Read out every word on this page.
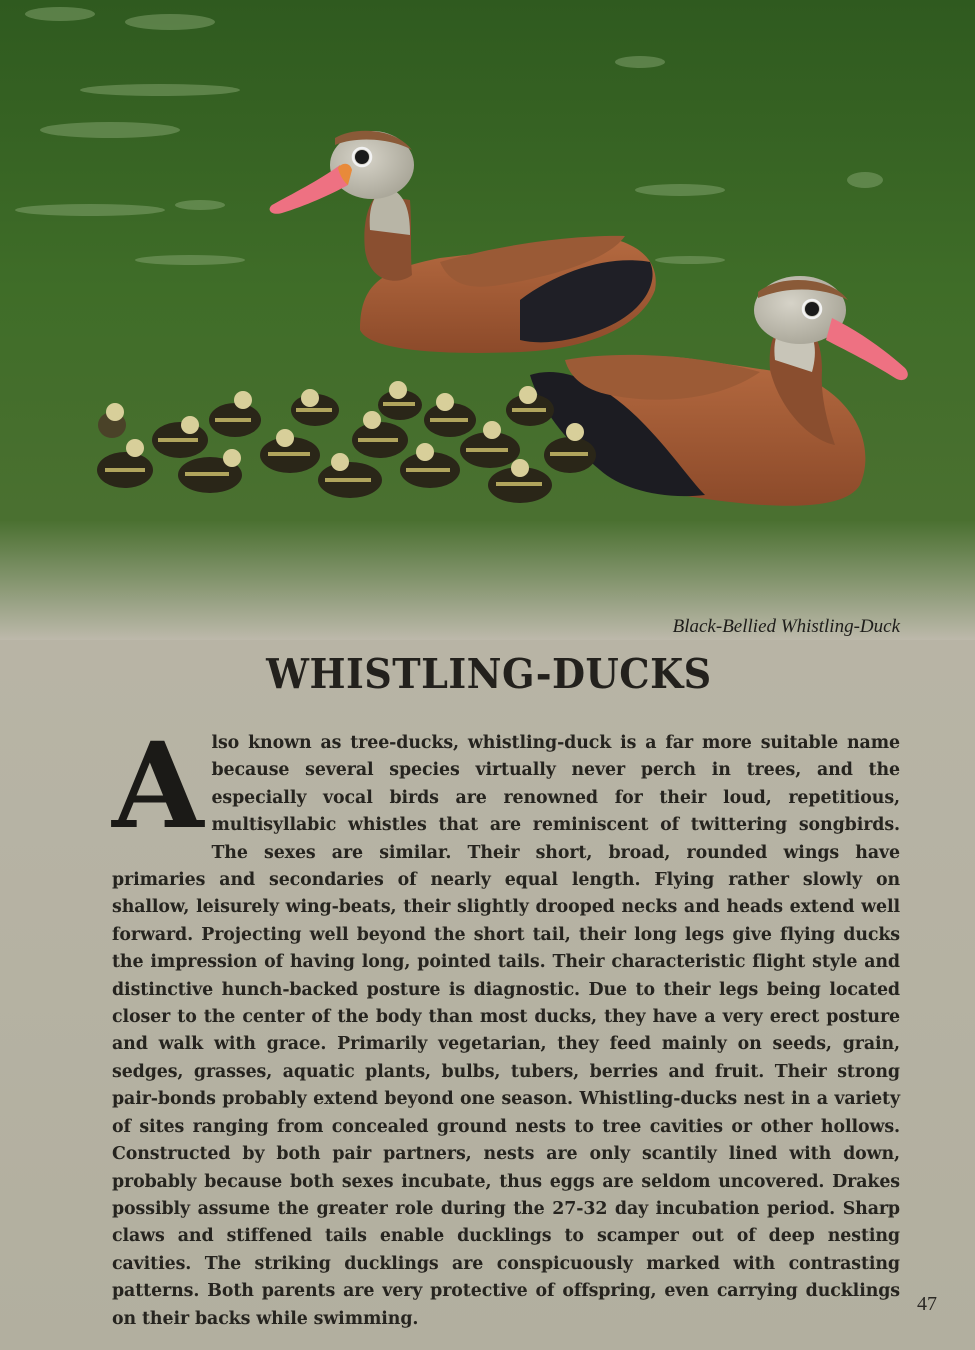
Black-Bellied Whistling-Duck

WHISTLING-DUCKS

Also known as tree-ducks, whistling-duck is a far more suitable name because several species virtually never perch in trees, and the especially vocal birds are renowned for their loud, repetitious, multisyllabic whistles that are reminiscent of twittering songbirds. The sexes are similar. Their short, broad, rounded wings have primaries and secondaries of nearly equal length. Flying rather slowly on shallow, leisurely wing-beats, their slightly drooped necks and heads extend well forward. Projecting well beyond the short tail, their long legs give flying ducks the impression of having long, pointed tails. Their characteristic flight style and distinctive hunch-backed posture is diagnostic. Due to their legs being located closer to the center of the body than most ducks, they have a very erect posture and walk with grace. Primarily vegetarian, they feed mainly on seeds, grain, sedges, grasses, aquatic plants, bulbs, tubers, berries and fruit. Their strong pair-bonds probably extend beyond one season. Whistling-ducks nest in a variety of sites ranging from concealed ground nests to tree cavities or other hollows. Constructed by both pair partners, nests are only scantily lined with down, probably because both sexes incubate, thus eggs are seldom uncovered. Drakes possibly assume the greater role during the 27-32 day incubation period. Sharp claws and stiffened tails enable ducklings to scamper out of deep nesting cavities. The striking ducklings are conspicuously marked with contrasting patterns. Both parents are very protective of offspring, even carrying ducklings on their backs while swimming.

47
